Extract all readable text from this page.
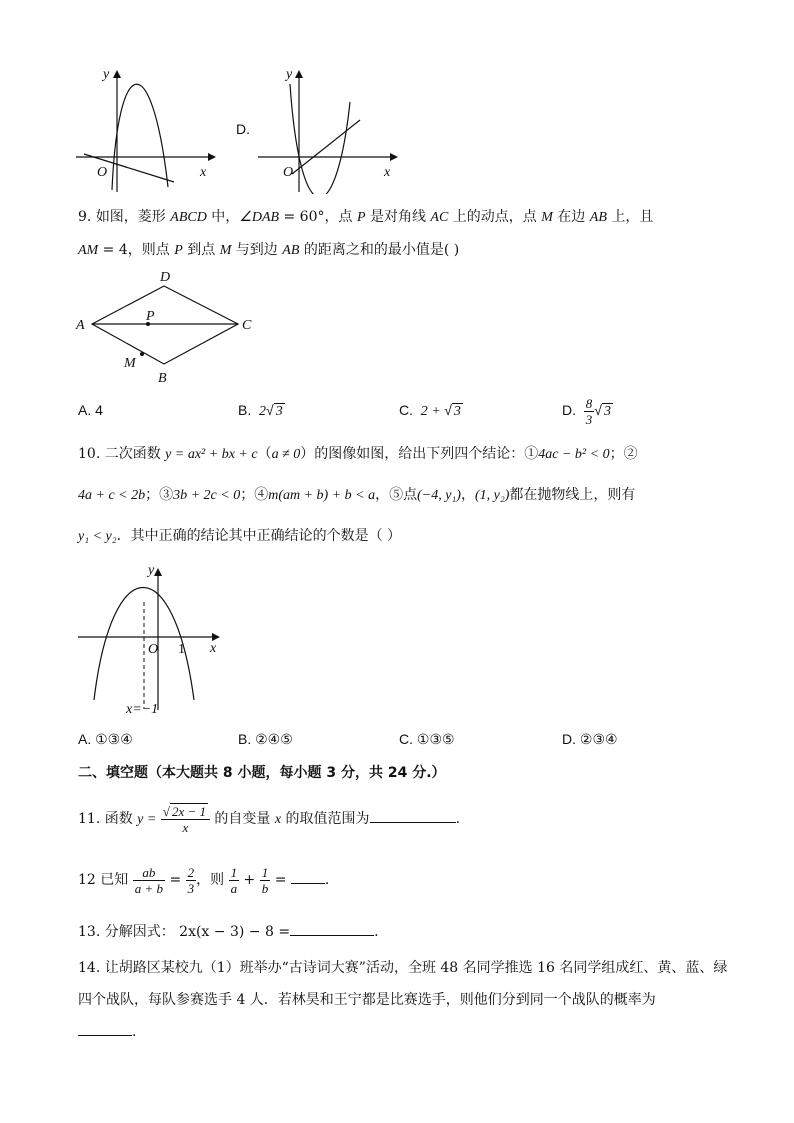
y
x
O
D.
y
x
O
9. 如图，菱形 ABCD 中，∠DAB = 60°，点 P 是对角线 AC 上的动点，点 M 在边 AB 上，且
AM = 4，则点 P 到点 M 与到边 AB 的距离之和的最小值是( )
A
B
C
D
P
M
A. 4	B. 2√ 3	C. 2 + √ 3	D. $\frac{8}{3}$ √ 3
10. 二次函数 y = ax² + bx + c（a ≠ 0）的图像如图，给出下列四个结论：①4ac − b² < 0；②
4a + c < 2b；③3b + 2c < 0；④m(am + b) + b < a，⑤点(−4, y₁)，(1, y₂)都在抛物线上，则有
y₁ < y₂．其中正确的结论其中正确结论的个数是（ ）
y
x
O 1
x=−1
A. ①③④	B. ②④⑤	C. ①③⑤	D. ②③④
二、填空题（本大题共 8 小题，每小题 3 分，共 24 分.）
11. 函数 $y = \frac{√ 2x - 1}{x}$ 的自变量 x 的取值范围为	.
12 已知 $\frac{ab}{a + b} = \frac{2}{3}$ ，则 $\frac{1}{a} + \frac{1}{b}$ = .
13. 分解因式： 2x(x − 3) − 8 =	.
14. 让胡路区某校九（1）班举办“古诗词大赛”活动，全班 48 名同学推选 16 名同学组成红、黄、蓝、绿
四个战队，每队参赛选手 4 人．若林昊和王宁都是比赛选手，则他们分到同一个战队的概率为
.
